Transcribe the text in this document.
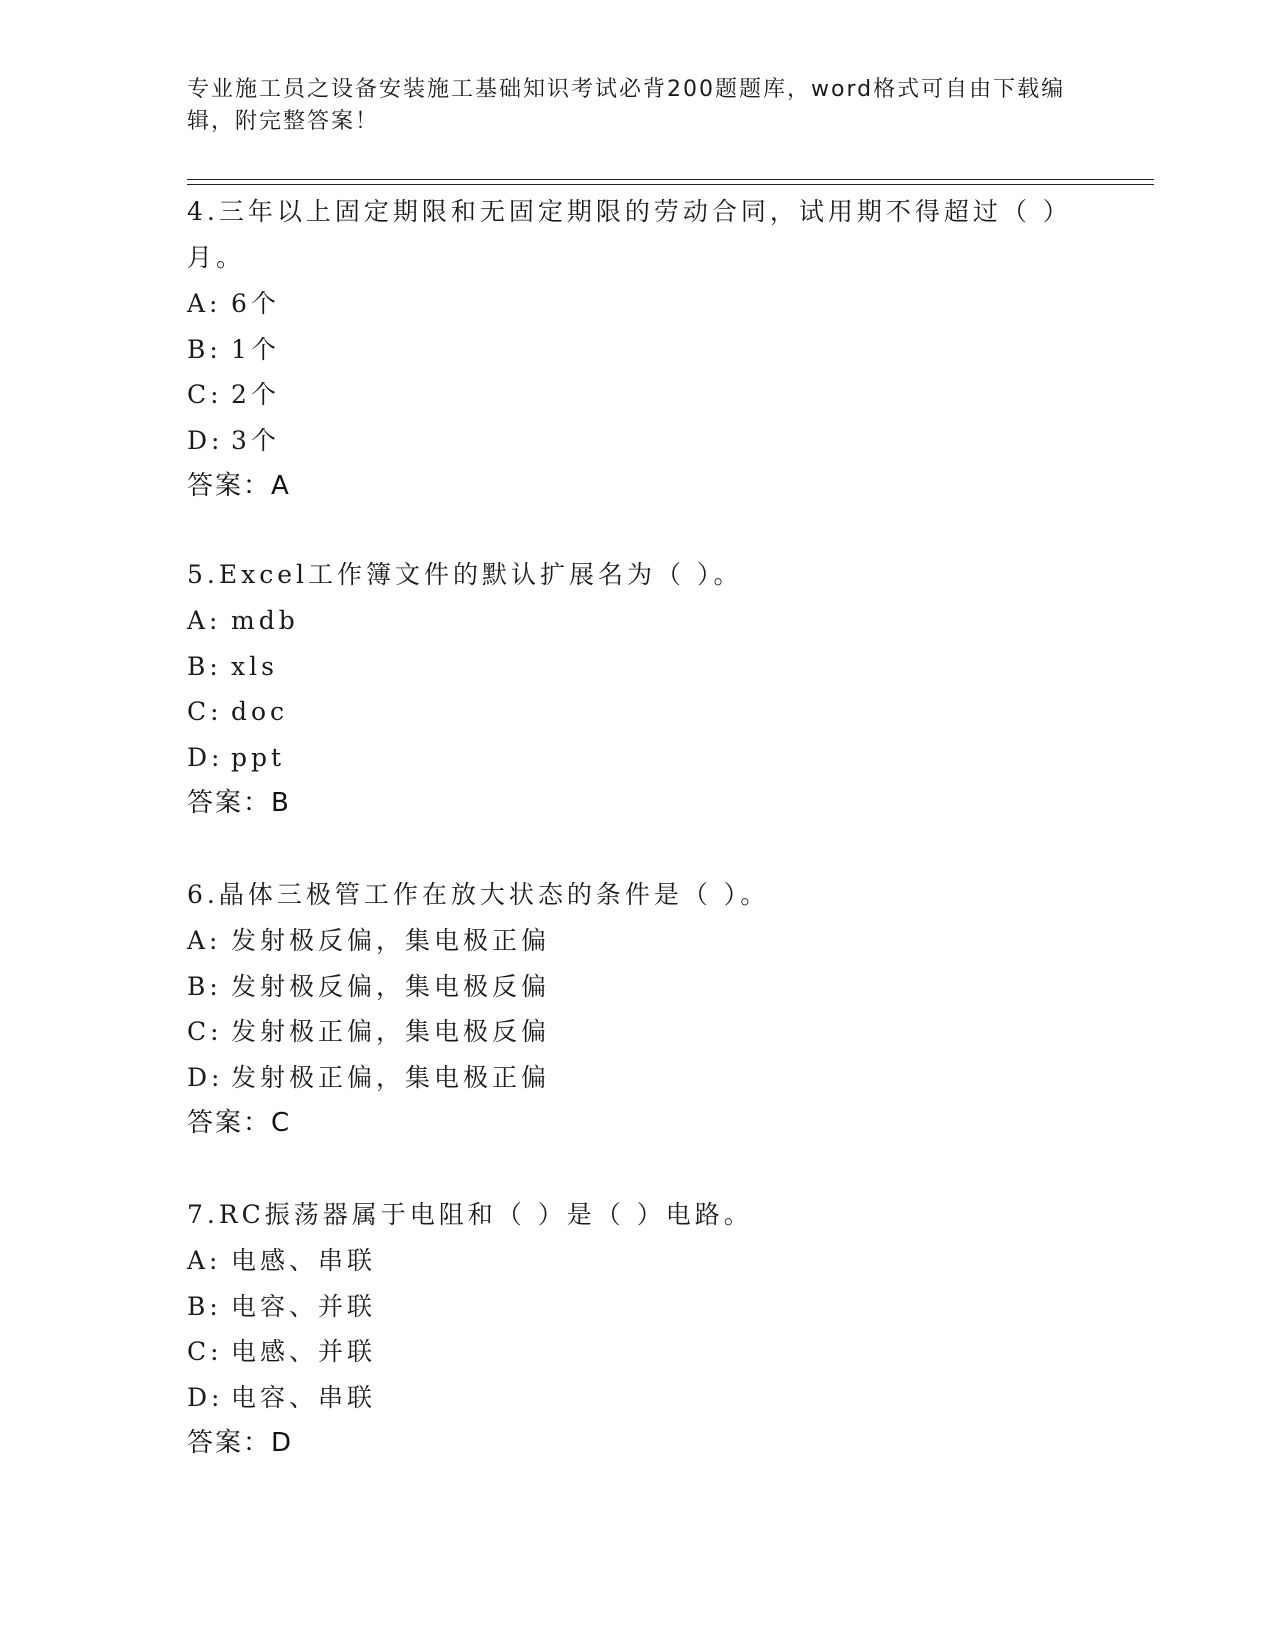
专业施工员之设备安装施工基础知识考试必背200题题库，word格式可自由下载编辑，附完整答案！

4.三年以上固定期限和无固定期限的劳动合同，试用期不得超过（ ）月。

A: 6个

B: 1个

C: 2个

D: 3个

答案：A

5.Excel工作簿文件的默认扩展名为（ ）。

A: mdb

B: xls

C: doc

D: ppt

答案：B

6.晶体三极管工作在放大状态的条件是（ ）。

A: 发射极反偏，集电极正偏

B: 发射极反偏，集电极反偏

C: 发射极正偏，集电极反偏

D: 发射极正偏，集电极正偏

答案：C

7.RC振荡器属于电阻和（ ）是（ ）电路。

A: 电感、串联

B: 电容、并联

C: 电感、并联

D: 电容、串联

答案：D
